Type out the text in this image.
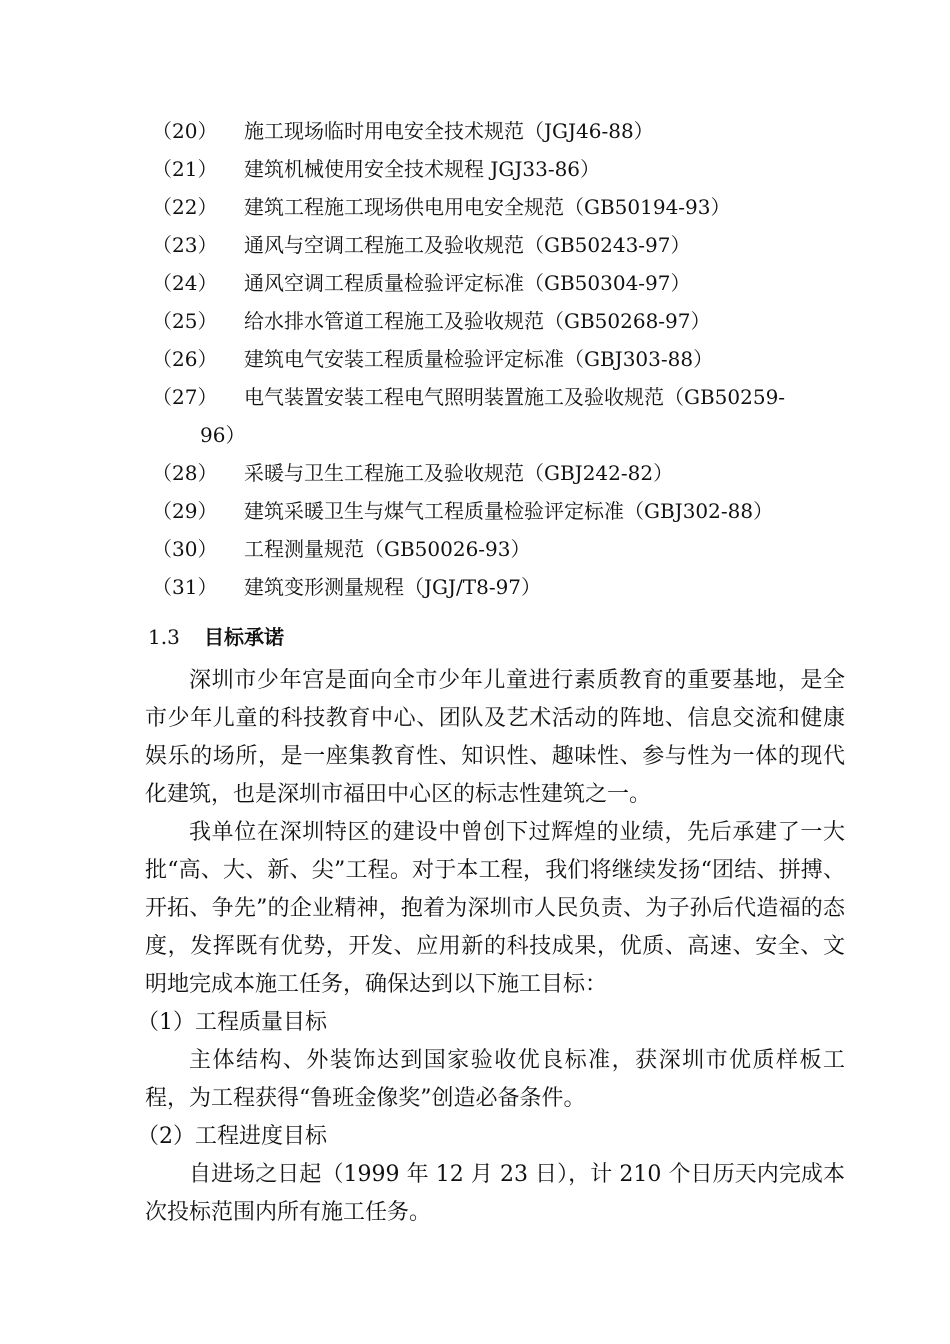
（20） 施工现场临时用电安全技术规范（JGJ46-88）
（21） 建筑机械使用安全技术规程 JGJ33-86）
（22） 建筑工程施工现场供电用电安全规范（GB50194-93）
（23） 通风与空调工程施工及验收规范（GB50243-97）
（24） 通风空调工程质量检验评定标准（GB50304-97）
（25） 给水排水管道工程施工及验收规范（GB50268-97）
（26） 建筑电气安装工程质量检验评定标准（GBJ303-88）
（27） 电气装置安装工程电气照明装置施工及验收规范（GB50259-
96）
（28） 采暖与卫生工程施工及验收规范（GBJ242-82）
（29） 建筑采暖卫生与煤气工程质量检验评定标准（GBJ302-88）
（30） 工程测量规范（GB50026-93）
（31） 建筑变形测量规程（JGJ/T8-97）
1.3 目标承诺

深圳市少年宫是面向全市少年儿童进行素质教育的重要基地，是全市少年儿童的科技教育中心、团队及艺术活动的阵地、信息交流和健康娱乐的场所，是一座集教育性、知识性、趣味性、参与性为一体的现代化建筑，也是深圳市福田中心区的标志性建筑之一。

我单位在深圳特区的建设中曾创下过辉煌的业绩，先后承建了一大批“高、大、新、尖”工程。对于本工程，我们将继续发扬“团结、拼搏、开拓、争先”的企业精神，抱着为深圳市人民负责、为子孙后代造福的态度，发挥既有优势，开发、应用新的科技成果，优质、高速、安全、文明地完成本施工任务，确保达到以下施工目标：

（1）工程质量目标

主体结构、外装饰达到国家验收优良标准，获深圳市优质样板工程，为工程获得“鲁班金像奖”创造必备条件。

（2）工程进度目标

自进场之日起（1999 年 12 月 23 日），计 210 个日历天内完成本次投标范围内所有施工任务。
